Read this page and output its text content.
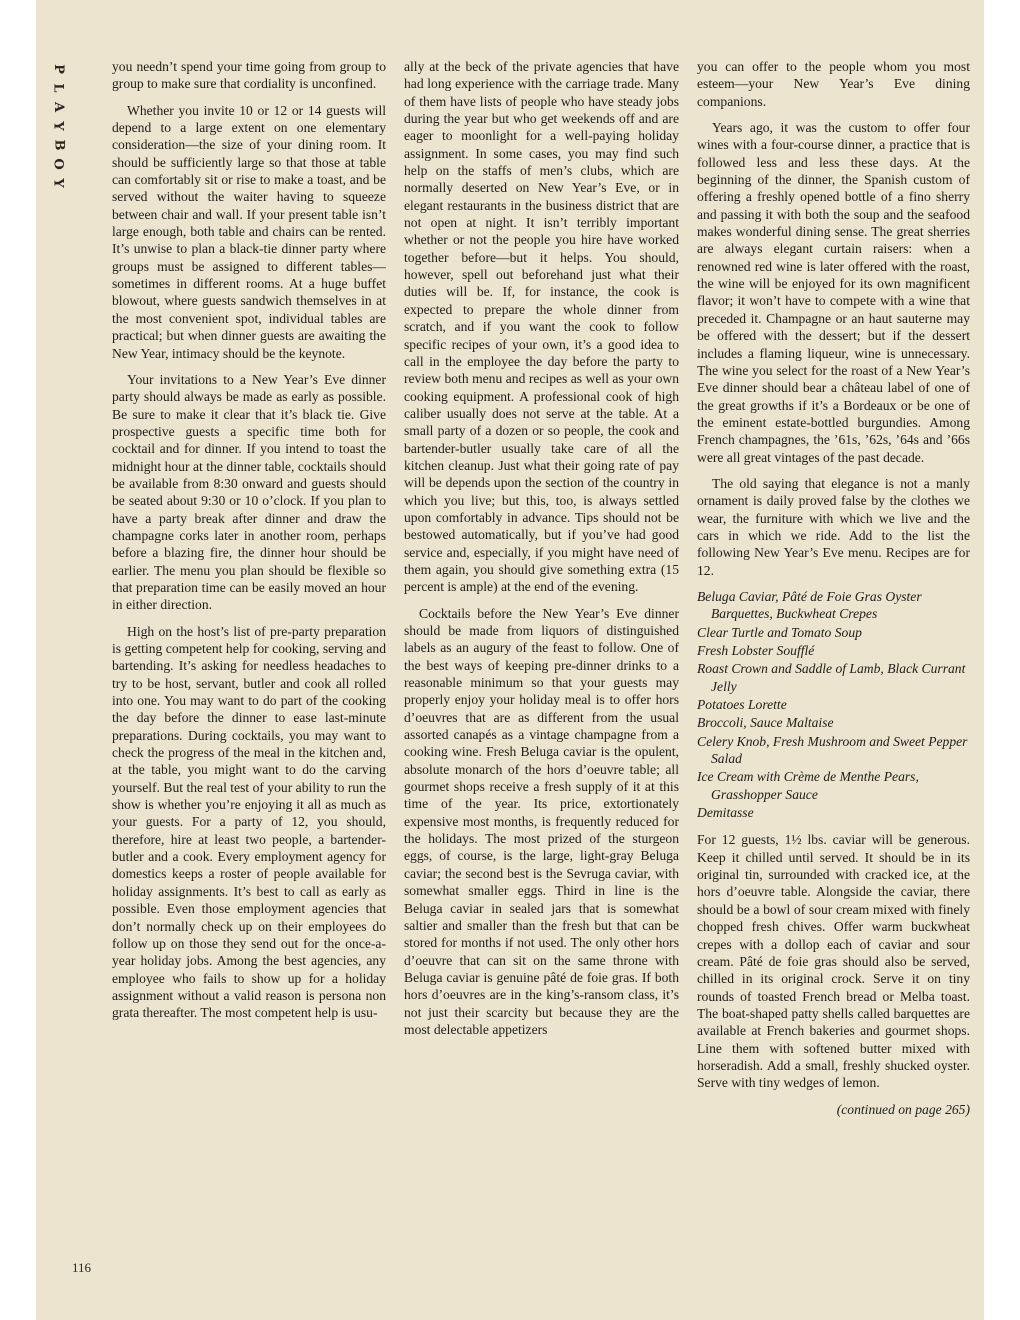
P
L
A
Y
B
O
Y
116

you needn’t spend your time going from group to group to make sure that cordiality is unconfined.

Whether you invite 10 or 12 or 14 guests will depend to a large extent on one elementary consideration—the size of your dining room. It should be sufficiently large so that those at table can comfortably sit or rise to make a toast, and be served without the waiter having to squeeze between chair and wall. If your present table isn’t large enough, both table and chairs can be rented. It’s unwise to plan a black-tie dinner party where groups must be assigned to different tables—sometimes in different rooms. At a huge buffet blowout, where guests sandwich themselves in at the most convenient spot, individual tables are practical; but when dinner guests are awaiting the New Year, intimacy should be the keynote.

Your invitations to a New Year’s Eve dinner party should always be made as early as possible. Be sure to make it clear that it’s black tie. Give prospective guests a specific time both for cocktail and for dinner. If you intend to toast the midnight hour at the dinner table, cocktails should be available from 8:30 onward and guests should be seated about 9:30 or 10 o’clock. If you plan to have a party break after dinner and draw the champagne corks later in another room, perhaps before a blazing fire, the dinner hour should be earlier. The menu you plan should be flexible so that preparation time can be easily moved an hour in either direction.

High on the host’s list of pre-party preparation is getting competent help for cooking, serving and bartending. It’s asking for needless headaches to try to be host, servant, butler and cook all rolled into one. You may want to do part of the cooking the day before the dinner to ease last-minute preparations. During cocktails, you may want to check the progress of the meal in the kitchen and, at the table, you might want to do the carving yourself. But the real test of your ability to run the show is whether you’re enjoying it all as much as your guests. For a party of 12, you should, therefore, hire at least two people, a bartender-butler and a cook. Every employment agency for domestics keeps a roster of people available for holiday assignments. It’s best to call as early as possible. Even those employment agencies that don’t normally check up on their employees do follow up on those they send out for the once-a-year holiday jobs. Among the best agencies, any employee who fails to show up for a holiday assignment without a valid reason is persona non grata thereafter. The most competent help is usu-

ally at the beck of the private agencies that have had long experience with the carriage trade. Many of them have lists of people who have steady jobs during the year but who get weekends off and are eager to moonlight for a well-paying holiday assignment. In some cases, you may find such help on the staffs of men’s clubs, which are normally deserted on New Year’s Eve, or in elegant restaurants in the business district that are not open at night. It isn’t terribly important whether or not the people you hire have worked together before—but it helps. You should, however, spell out beforehand just what their duties will be. If, for instance, the cook is expected to prepare the whole dinner from scratch, and if you want the cook to follow specific recipes of your own, it’s a good idea to call in the employee the day before the party to review both menu and recipes as well as your own cooking equipment. A professional cook of high caliber usually does not serve at the table. At a small party of a dozen or so people, the cook and bartender-butler usually take care of all the kitchen cleanup. Just what their going rate of pay will be depends upon the section of the country in which you live; but this, too, is always settled upon comfortably in advance. Tips should not be bestowed automatically, but if you’ve had good service and, especially, if you might have need of them again, you should give something extra (15 percent is ample) at the end of the evening.

Cocktails before the New Year’s Eve dinner should be made from liquors of distinguished labels as an augury of the feast to follow. One of the best ways of keeping pre-dinner drinks to a reasonable minimum so that your guests may properly enjoy your holiday meal is to offer hors d’oeuvres that are as different from the usual assorted canapés as a vintage champagne from a cooking wine. Fresh Beluga caviar is the opulent, absolute monarch of the hors d’oeuvre table; all gourmet shops receive a fresh supply of it at this time of the year. Its price, extortionately expensive most months, is frequently reduced for the holidays. The most prized of the sturgeon eggs, of course, is the large, light-gray Beluga caviar; the second best is the Sevruga caviar, with somewhat smaller eggs. Third in line is the Beluga caviar in sealed jars that is somewhat saltier and smaller than the fresh but that can be stored for months if not used. The only other hors d’oeuvre that can sit on the same throne with Beluga caviar is genuine pâté de foie gras. If both hors d’oeuvres are in the king’s-ransom class, it’s not just their scarcity but because they are the most delectable appetizers

you can offer to the people whom you most esteem—your New Year’s Eve dining companions.

Years ago, it was the custom to offer four wines with a four-course dinner, a practice that is followed less and less these days. At the beginning of the dinner, the Spanish custom of offering a freshly opened bottle of a fino sherry and passing it with both the soup and the seafood makes wonderful dining sense. The great sherries are always elegant curtain raisers: when a renowned red wine is later offered with the roast, the wine will be enjoyed for its own magnificent flavor; it won’t have to compete with a wine that preceded it. Champagne or an haut sauterne may be offered with the dessert; but if the dessert includes a flaming liqueur, wine is unnecessary. The wine you select for the roast of a New Year’s Eve dinner should bear a château label of one of the great growths if it’s a Bordeaux or be one of the eminent estate-bottled burgundies. Among French champagnes, the ’61s, ’62s, ’64s and ’66s were all great vintages of the past decade.

The old saying that elegance is not a manly ornament is daily proved false by the clothes we wear, the furniture with which we live and the cars in which we ride. Add to the list the following New Year’s Eve menu. Recipes are for 12.

Beluga Caviar, Pâté de Foie Gras Oyster Barquettes, Buckwheat Crepes
Clear Turtle and Tomato Soup
Fresh Lobster Soufflé
Roast Crown and Saddle of Lamb, Black Currant Jelly
Potatoes Lorette
Broccoli, Sauce Maltaise
Celery Knob, Fresh Mushroom and Sweet Pepper Salad
Ice Cream with Crème de Menthe Pears, Grasshopper Sauce
Demitasse

For 12 guests, 1½ lbs. caviar will be generous. Keep it chilled until served. It should be in its original tin, surrounded with cracked ice, at the hors d’oeuvre table. Alongside the caviar, there should be a bowl of sour cream mixed with finely chopped fresh chives. Offer warm buckwheat crepes with a dollop each of caviar and sour cream. Pâté de foie gras should also be served, chilled in its original crock. Serve it on tiny rounds of toasted French bread or Melba toast. The boat-shaped patty shells called barquettes are available at French bakeries and gourmet shops. Line them with softened butter mixed with horseradish. Add a small, freshly shucked oyster. Serve with tiny wedges of lemon.

(continued on page 265)
